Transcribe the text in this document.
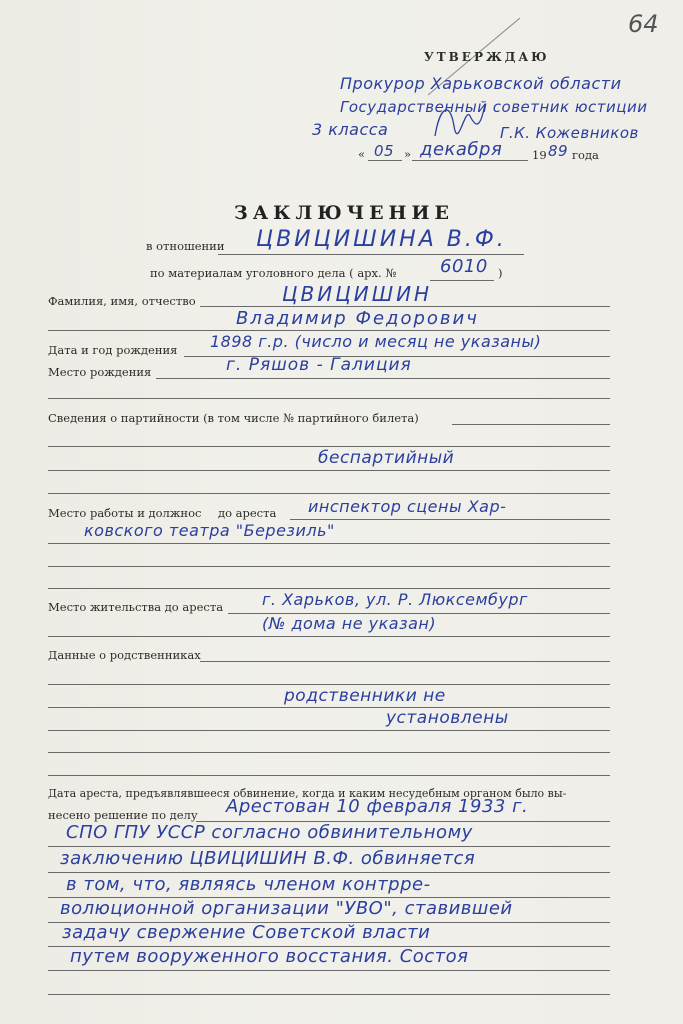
64
УТВЕРЖДАЮ
Прокурор Харьковской области
Государственный советник юстиции
3 класса	Г.К. Кожевников
« 05 » декабря	19 89 года
ЗАКЛЮЧЕНИЕ
в отношении ЦВИЦИШИНА В.Ф.
по материалам уголовного дела ( арх. № 6010 )
Фамилия, имя, отчество	ЦВИЦИШИН
Владимир Федорович
Дата и год рождения 1898 г.р. (число и месяц не указаны)
Место рождения	г. Ряшов - Галиция
Сведения о партийности (в том числе № партийного билета)
беспартийный
Место работы и должнос до ареста инспектор сцены Хар-
ковского театра "Березиль"
Место жительства до ареста г. Харьков, ул. Р. Люксембург
(№ дома не указан)
Данные о родственниках
родственники не
установлены
Дата ареста, предъявлявшееся обвинение, когда и каким несудебным органом было вы-
несено решение по делу Арестован 10 февраля 1933 г.
СПО ГПУ УССР согласно обвинительному
заключению ЦВИЦИШИН В.Ф. обвиняется
в том, что, являясь членом контрре-
волюционной организации "УВО", ставившей
задачу свержение Советской власти
путем вооруженного восстания. Состоя
